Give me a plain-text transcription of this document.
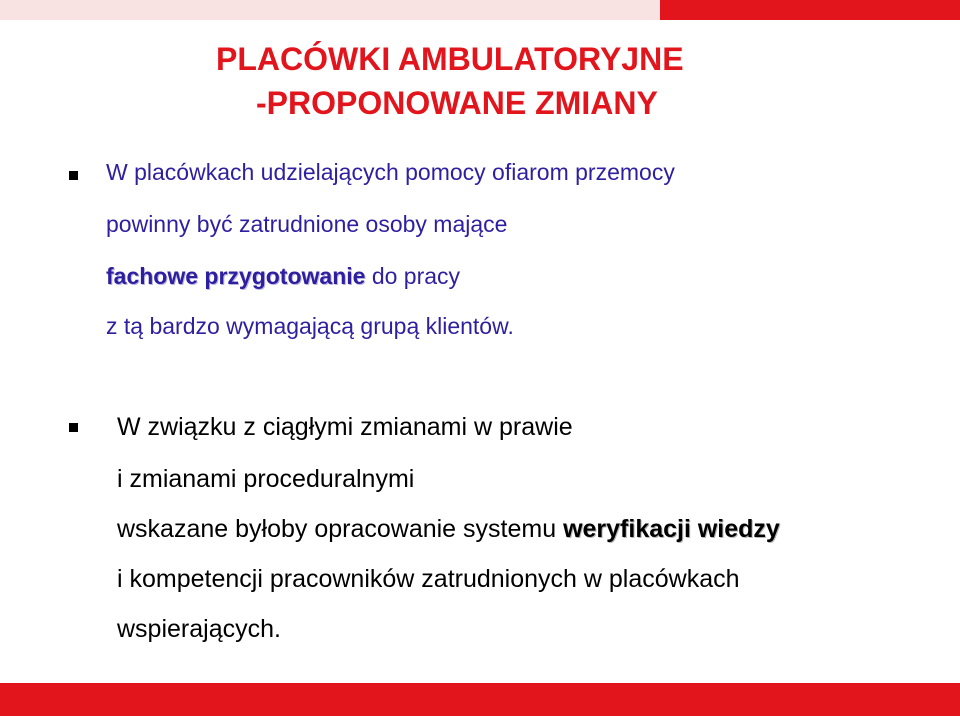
PLACÓWKI AMBULATORYJNE
-PROPONOWANE ZMIANY

W placówkach udzielających pomocy ofiarom przemocy

powinny być zatrudnione osoby mające

fachowe przygotowanie do pracy

z tą bardzo wymagającą grupą klientów.

W związku z ciągłymi zmianami w prawie

i zmianami proceduralnymi

wskazane byłoby opracowanie systemu weryfikacji wiedzy

i kompetencji pracowników zatrudnionych w placówkach

wspierających.
